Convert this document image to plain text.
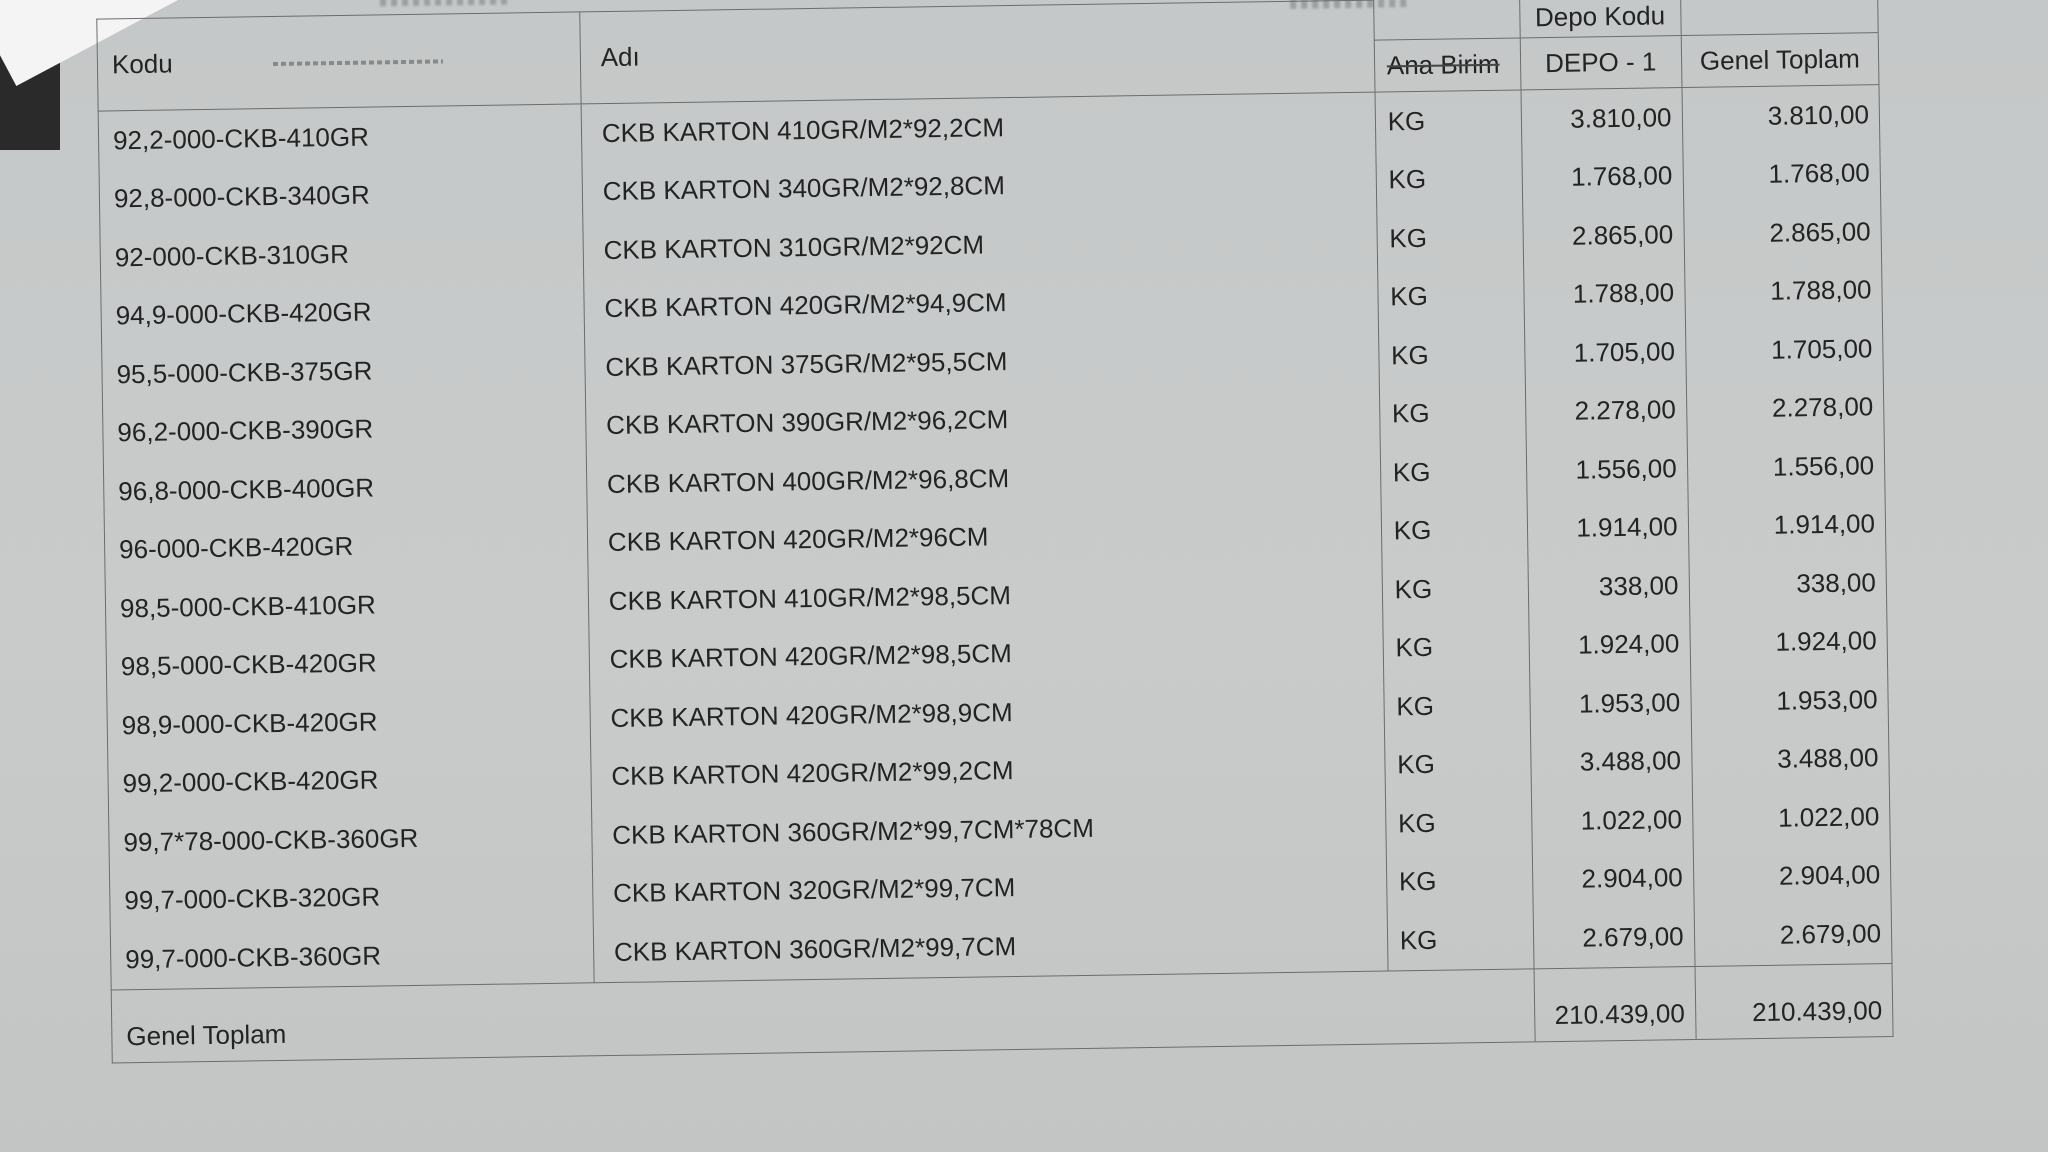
Kodu	Adı		Depo Kodu	
		Ana Birim	DEPO - 1	Genel Toplam
92,2-000-CKB-410GR	CKB KARTON 410GR/M2*92,2CM	KG	3.810,00	3.810,00
92,8-000-CKB-340GR	CKB KARTON 340GR/M2*92,8CM	KG	1.768,00	1.768,00
92-000-CKB-310GR	CKB KARTON 310GR/M2*92CM	KG	2.865,00	2.865,00
94,9-000-CKB-420GR	CKB KARTON 420GR/M2*94,9CM	KG	1.788,00	1.788,00
95,5-000-CKB-375GR	CKB KARTON 375GR/M2*95,5CM	KG	1.705,00	1.705,00
96,2-000-CKB-390GR	CKB KARTON 390GR/M2*96,2CM	KG	2.278,00	2.278,00
96,8-000-CKB-400GR	CKB KARTON 400GR/M2*96,8CM	KG	1.556,00	1.556,00
96-000-CKB-420GR	CKB KARTON 420GR/M2*96CM	KG	1.914,00	1.914,00
98,5-000-CKB-410GR	CKB KARTON 410GR/M2*98,5CM	KG	338,00	338,00
98,5-000-CKB-420GR	CKB KARTON 420GR/M2*98,5CM	KG	1.924,00	1.924,00
98,9-000-CKB-420GR	CKB KARTON 420GR/M2*98,9CM	KG	1.953,00	1.953,00
99,2-000-CKB-420GR	CKB KARTON 420GR/M2*99,2CM	KG	3.488,00	3.488,00
99,7*78-000-CKB-360GR	CKB KARTON 360GR/M2*99,7CM*78CM	KG	1.022,00	1.022,00
99,7-000-CKB-320GR	CKB KARTON 320GR/M2*99,7CM	KG	2.904,00	2.904,00
99,7-000-CKB-360GR	CKB KARTON 360GR/M2*99,7CM	KG	2.679,00	2.679,00
Genel Toplam			210.439,00	210.439,00
